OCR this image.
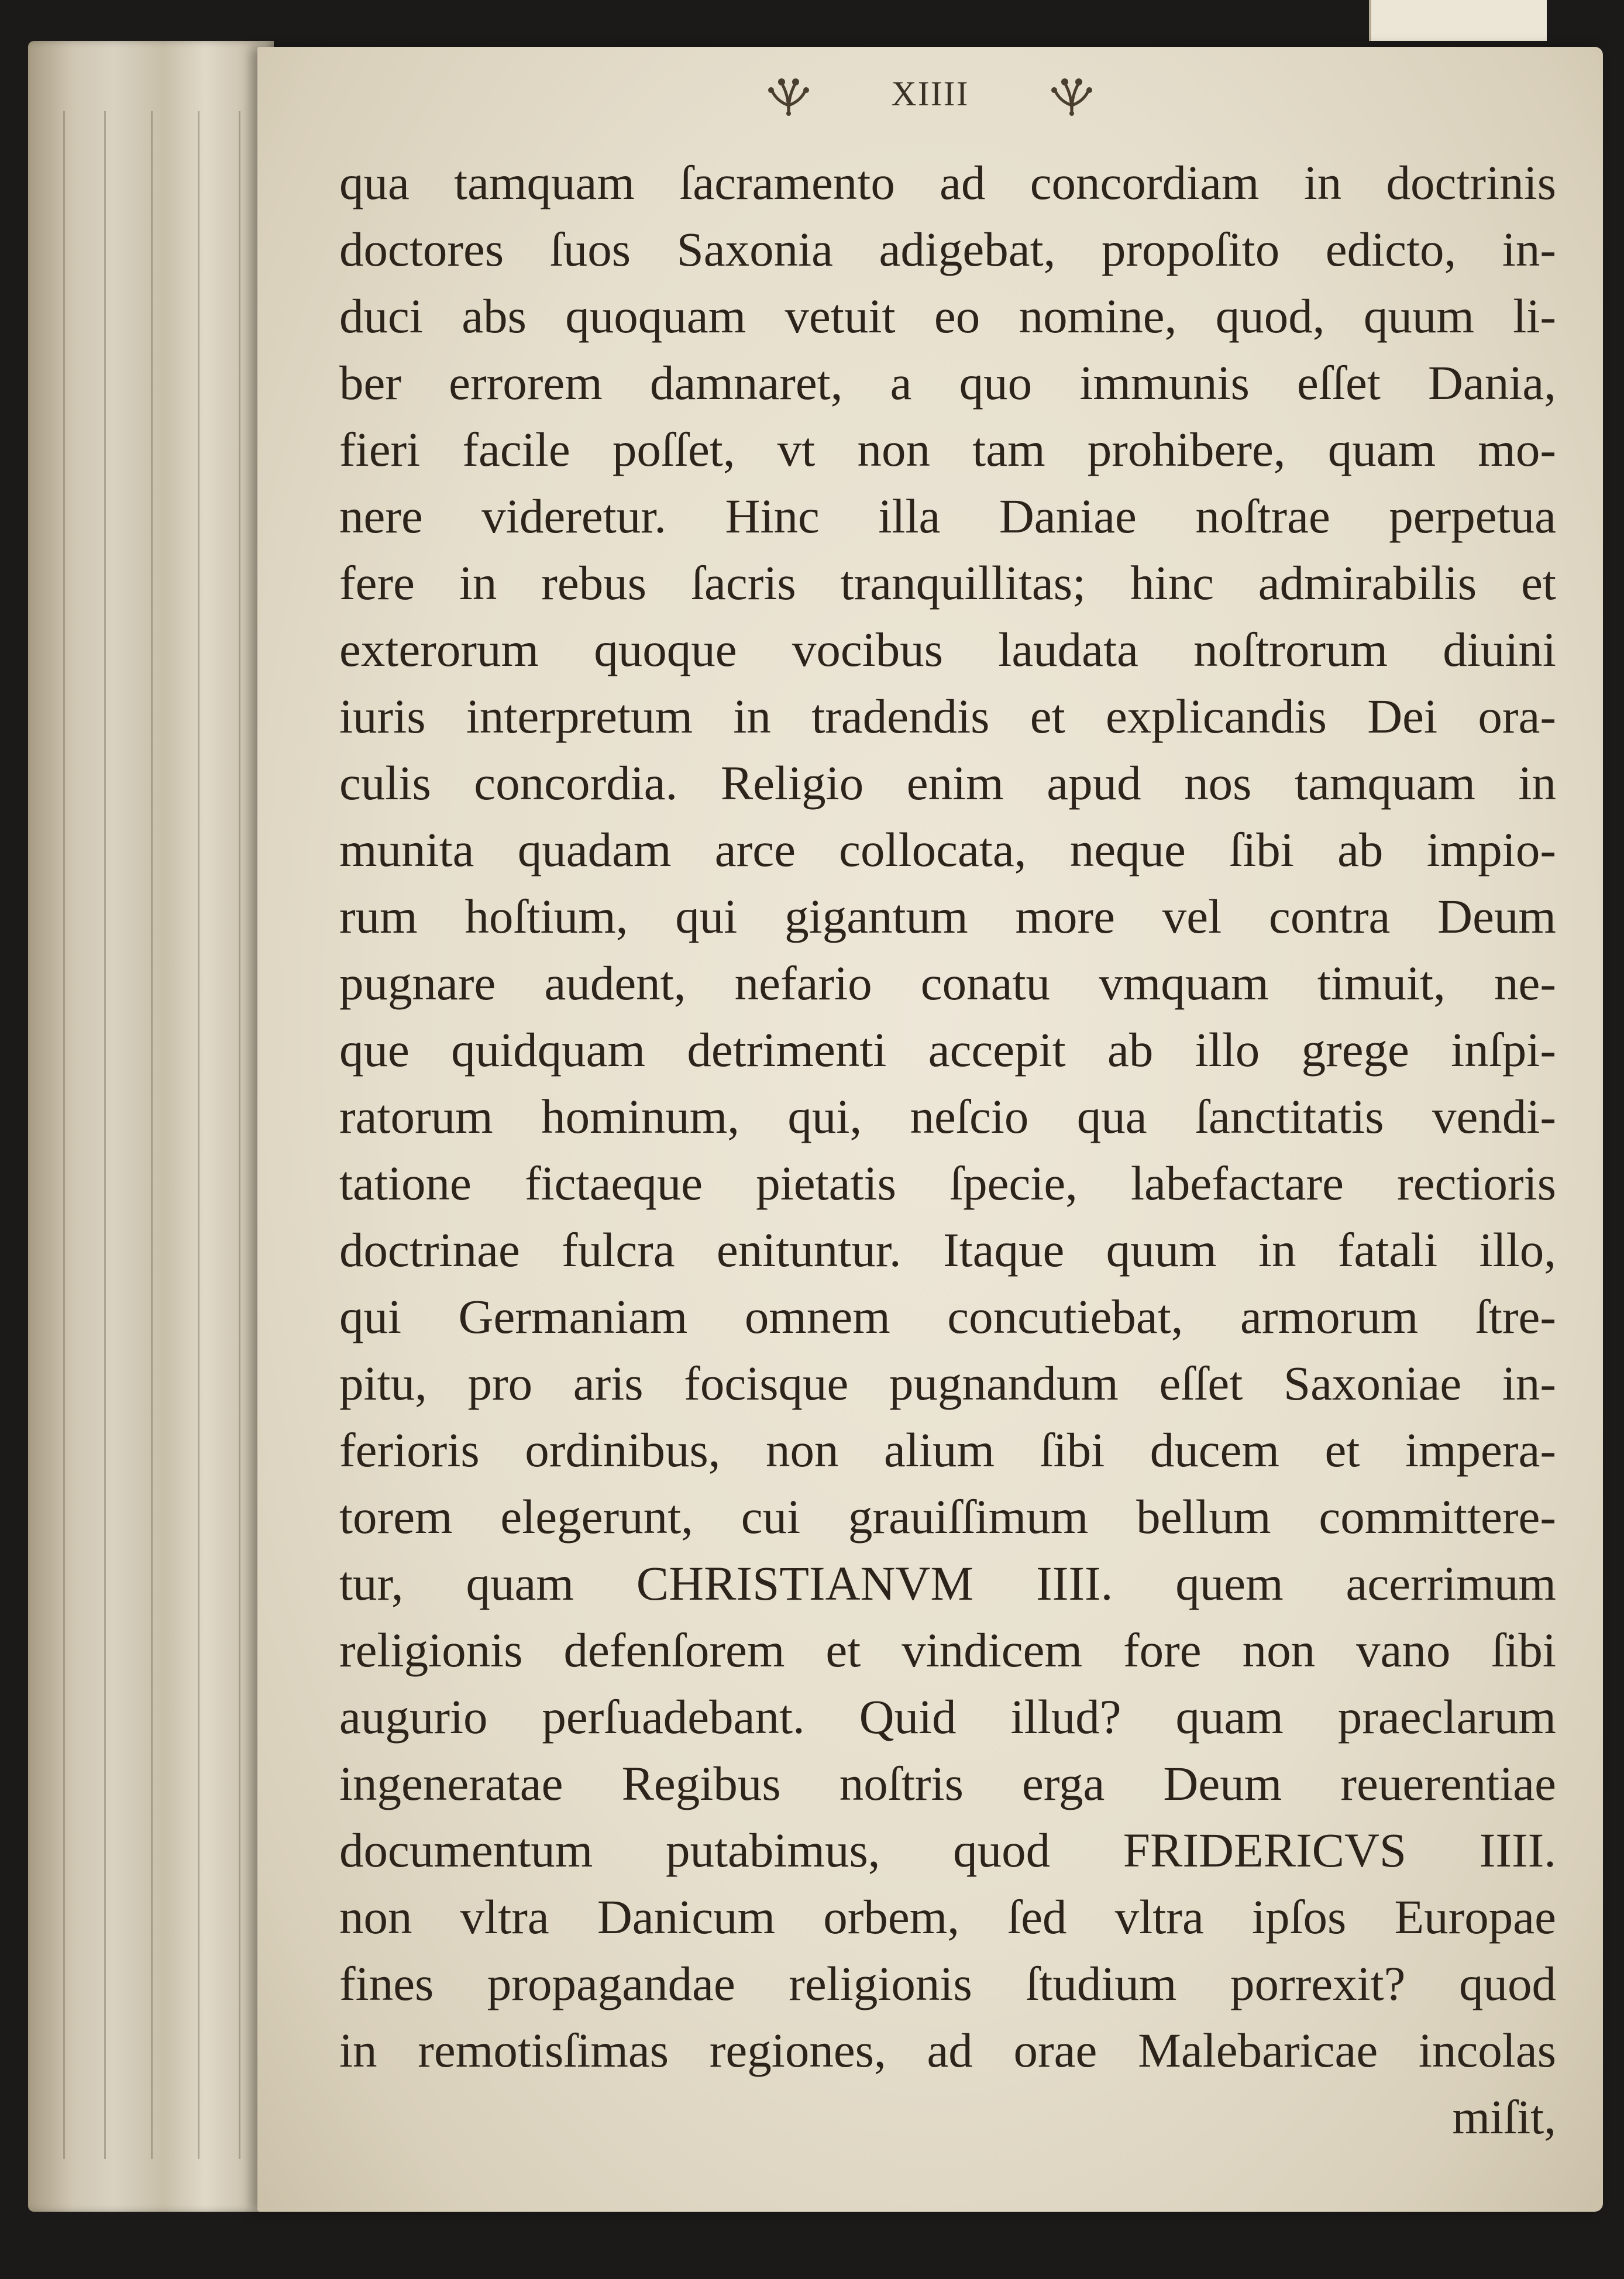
XIIII
qua tamquam ſacramento ad concordiam in doctrinis
doctores ſuos Saxonia adigebat, propoſito edicto, in-
duci abs quoquam vetuit eo nomine, quod, quum li-
ber errorem damnaret, a quo immunis eſſet Dania,
fieri facile poſſet, vt non tam prohibere, quam mo-
nere videretur. Hinc illa Daniae noſtrae perpetua
fere in rebus ſacris tranquillitas; hinc admirabilis et
exterorum quoque vocibus laudata noſtrorum diuini
iuris interpretum in tradendis et explicandis Dei ora-
culis concordia. Religio enim apud nos tamquam in
munita quadam arce collocata, neque ſibi ab impio-
rum hoſtium, qui gigantum more vel contra Deum
pugnare audent, nefario conatu vmquam timuit, ne-
que quidquam detrimenti accepit ab illo grege inſpi-
ratorum hominum, qui, neſcio qua ſanctitatis vendi-
tatione fictaeque pietatis ſpecie, labefactare rectioris
doctrinae fulcra enituntur. Itaque quum in fatali illo,
qui Germaniam omnem concutiebat, armorum ſtre-
pitu, pro aris focisque pugnandum eſſet Saxoniae in-
ferioris ordinibus, non alium ſibi ducem et impera-
torem elegerunt, cui grauiſſimum bellum committere-
tur, quam CHRISTIANVM IIII. quem acerrimum
religionis defenſorem et vindicem fore non vano ſibi
augurio perſuadebant. Quid illud? quam praeclarum
ingeneratae Regibus noſtris erga Deum reuerentiae
documentum putabimus, quod FRIDERICVS IIII.
non vltra Danicum orbem, ſed vltra ipſos Europae
fines propagandae religionis ſtudium porrexit? quod
in remotisſimas regiones, ad orae Malebaricae incolas
miſit,
